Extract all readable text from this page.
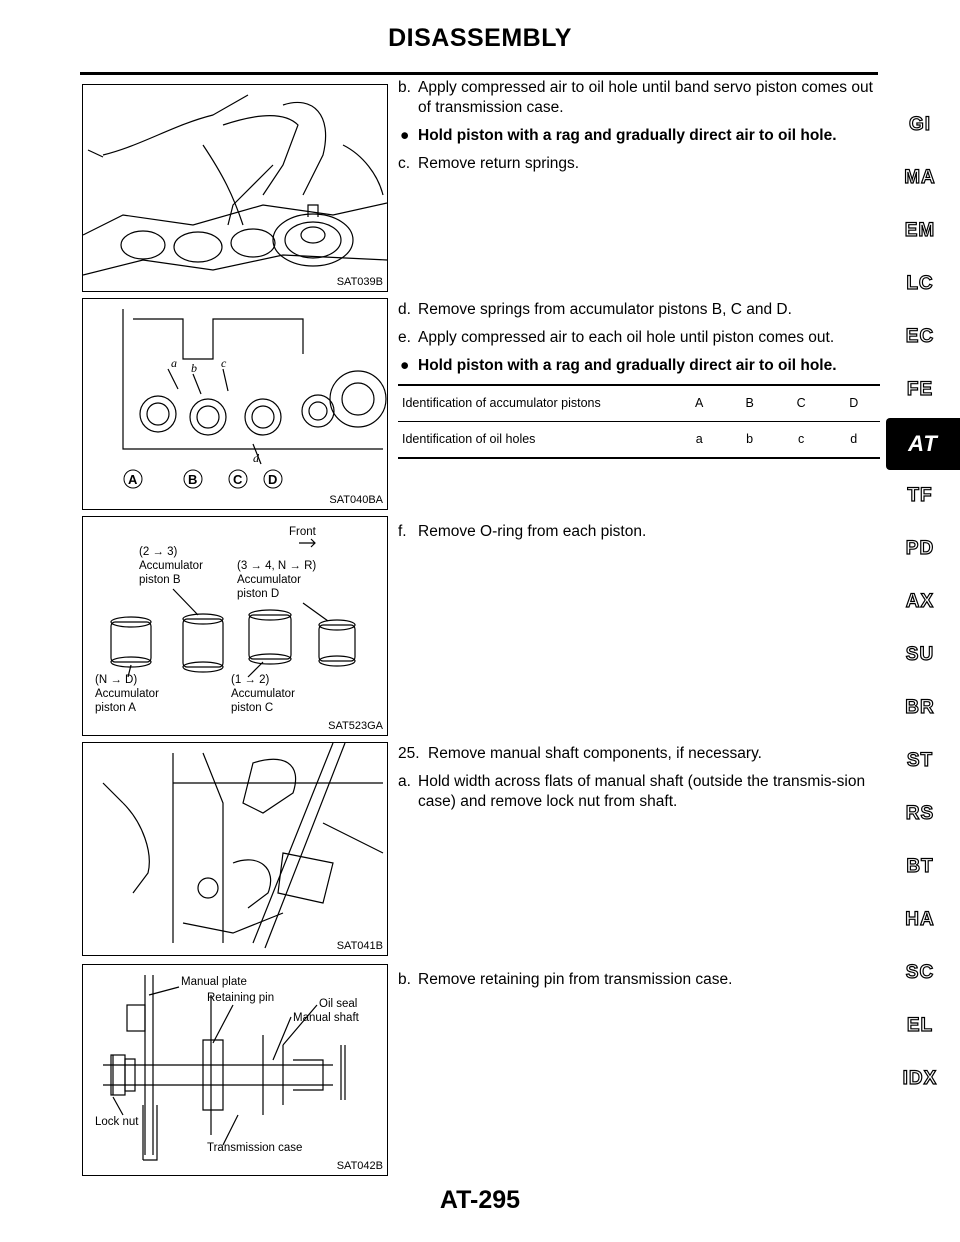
DISASSEMBLY
SAT039B
A	B	C D
a b c
d
SAT040BA
Front
(2 → 3)
Accumulator
piston B
(3 → 4, N → R)
Accumulator
piston D
(N → D)
Accumulator
piston A
(1 → 2)
Accumulator
piston C
SAT523GA
SAT041B
Manual plate
Retaining pin	Oil seal
Manual shaft
Lock nut
Transmission case
SAT042B
b. Apply compressed air to oil hole until band servo piston comes out of transmission case.
● Hold piston with a rag and gradually direct air to oil hole.
c. Remove return springs.
d. Remove springs from accumulator pistons B, C and D.
e. Apply compressed air to each oil hole until piston comes out.
● Hold piston with a rag and gradually direct air to oil hole.
Identification of accumulator pistons	A	B	C	D
Identification of oil holes	a	b	c	d
f. Remove O-ring from each piston.
25. Remove manual shaft components, if necessary.
a. Hold width across flats of manual shaft (outside the transmis-sion case) and remove lock nut from shaft.
b. Remove retaining pin from transmission case.
GI
MA
EM
LC
EC
FE
AT
TF
PD
AX
SU
BR
ST
RS
BT
HA
SC
EL
IDX
AT-295
